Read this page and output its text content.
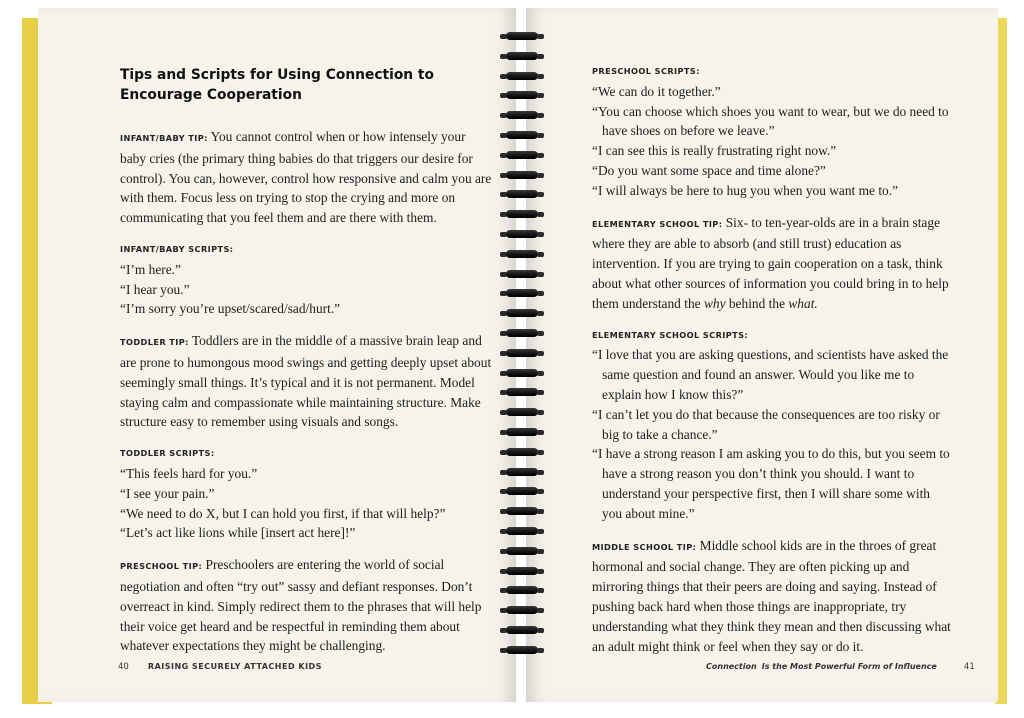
Tips and Scripts for Using Connection to Encourage Cooperation

INFANT/BABY TIP: You cannot control when or how intensely your baby cries (the primary thing babies do that triggers our desire for control). You can, however, control how responsive and calm you are with them. Focus less on trying to stop the crying and more on communicating that you feel them and are there with them.

INFANT/BABY SCRIPTS:
“I’m here.”
“I hear you.”
“I’m sorry you’re upset/scared/sad/hurt.”

TODDLER TIP: Toddlers are in the middle of a massive brain leap and are prone to humongous mood swings and getting deeply upset about seemingly small things. It’s typical and it is not permanent. Model staying calm and compassionate while maintaining structure. Make structure easy to remember using visuals and songs.

TODDLER SCRIPTS:
“This feels hard for you.”
“I see your pain.”
“We need to do X, but I can hold you first, if that will help?”
“Let’s act like lions while [insert act here]!”

PRESCHOOL TIP: Preschoolers are entering the world of social negotiation and often “try out” sassy and defiant responses. Don’t overreact in kind. Simply redirect them to the phrases that will help their voice get heard and be respectful in reminding them about whatever expectations they might be challenging.

40 RAISING SECURELY ATTACHED KIDS
PRESCHOOL SCRIPTS:
“We can do it together.”
“You can choose which shoes you want to wear, but we do need to have shoes on before we leave.”
“I can see this is really frustrating right now.”
“Do you want some space and time alone?”
“I will always be here to hug you when you want me to.”

ELEMENTARY SCHOOL TIP: Six- to ten-year-olds are in a brain stage where they are able to absorb (and still trust) education as intervention. If you are trying to gain cooperation on a task, think about what other sources of information you could bring in to help them understand the why behind the what.

ELEMENTARY SCHOOL SCRIPTS:
“I love that you are asking questions, and scientists have asked the same question and found an answer. Would you like me to explain how I know this?”
“I can’t let you do that because the consequences are too risky or big to take a chance.”
“I have a strong reason I am asking you to do this, but you seem to have a strong reason you don’t think you should. I want to understand your perspective first, then I will share some with you about mine.”

MIDDLE SCHOOL TIP: Middle school kids are in the throes of great hormonal and social change. They are often picking up and mirroring things that their peers are doing and saying. Instead of pushing back hard when those things are inappropriate, try understanding what they think they mean and then discussing what an adult might think or feel when they say or do it.

Connection Is the Most Powerful Form of Influence	41
